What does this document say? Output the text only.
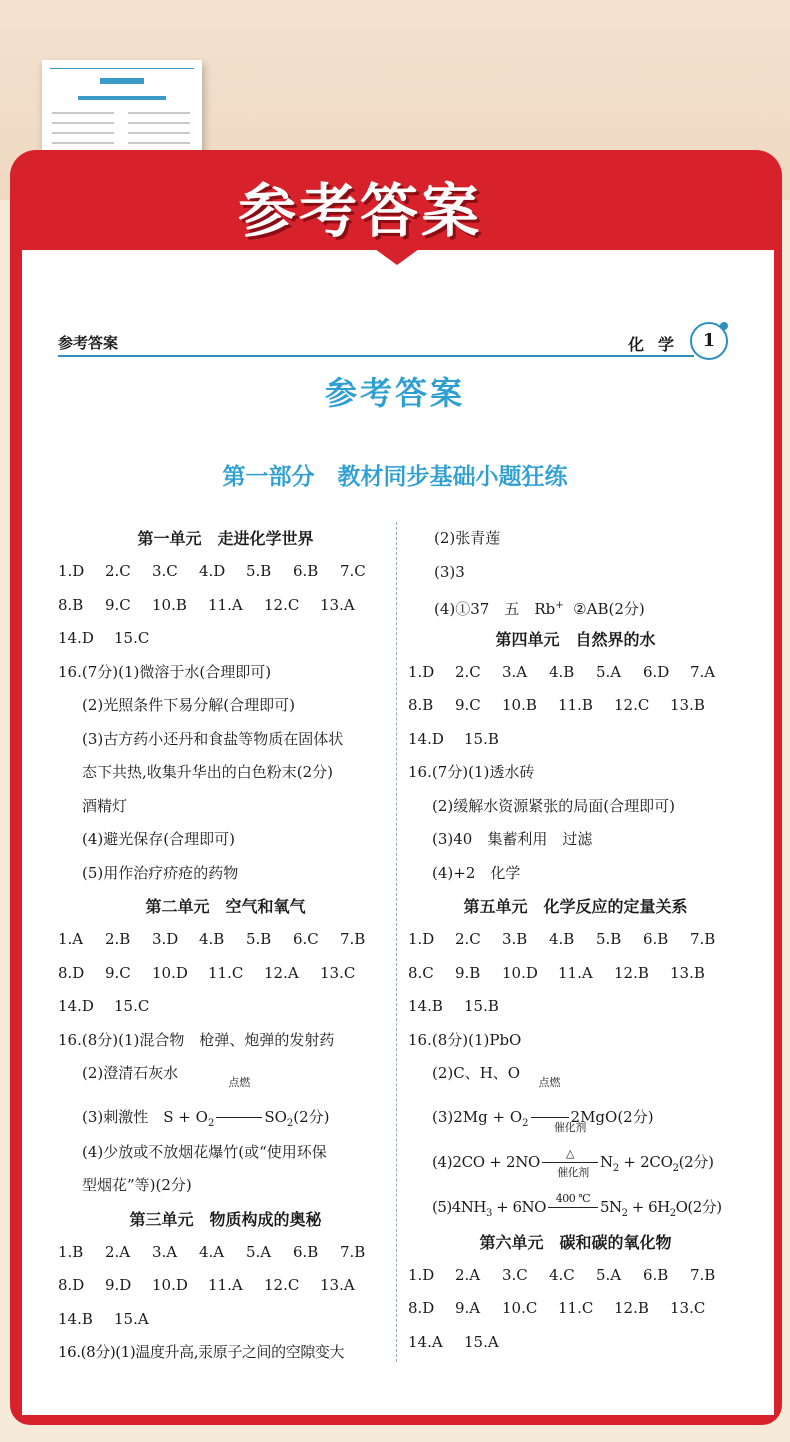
参考答案
参考答案	化学 1
参考答案
第一部分　教材同步基础小题狂练
第一单元　走进化学世界
1.D 2.C 3.C 4.D 5.B 6.B 7.C
8.B 9.C 10.B 11.A 12.C 13.A
14.D 15.C
16.(7分)(1)微溶于水(合理即可)
(2)光照条件下易分解(合理即可)
(3)古方药小还丹和食盐等物质在固体状
态下共热,收集升华出的白色粉末(2分)
酒精灯
(4)避光保存(合理即可)
(5)用作治疗疥疮的药物
第二单元　空气和氧气
1.A 2.B 3.D 4.B 5.B 6.C 7.B
8.D 9.C 10.D 11.C 12.A 13.C
14.D 15.C
16.(8分)(1)混合物　枪弹、炮弹的发射药
(2)澄清石灰水
(3)刺激性　$S + O_2$
点燃
$SO_2(2$分)
(4)少放或不放烟花爆竹(或“使用环保
型烟花”等)(2分)
第三单元　物质构成的奥秘
1.B 2.A 3.A 4.A 5.A 6.B 7.B
8.D 9.D 10.D 11.A 12.C 13.A
14.B 15.A
16.(8分)(1)温度升高,汞原子之间的空隙变大
(2)张青莲
(3)3
(4)①37　五　Rb+ ②AB(2分)
第四单元　自然界的水
1.D 2.C 3.A 4.B 5.A 6.D 7.A
8.B 9.C 10.B 11.B 12.C 13.B
14.D 15.B
16.(7分)(1)透水砖
(2)缓解水资源紧张的局面(合理即可)
(3)40　集蓄利用　过滤
(4)+2　化学
第五单元　化学反应的定量关系
1.D 2.C 3.B 4.B 5.B 6.B 7.B
8.C 9.B 10.D 11.A 12.B 13.B
14.B 15.B
16.(8分)(1)PbO
(2)C、H、O
$(3)2Mg + O_2$
点燃
2MgO(2分)
(4)2CO + 2NO
催化剂
△	$N_2 + 2CO_2(2$分)
$(5)4NH_3 + 6NO$
催化剂
400 ℃ $5N_2 + 6H_2O(2$分)
第六单元　碳和碳的氧化物
1.D 2.A 3.C 4.C 5.A 6.B 7.B
8.D 9.A 10.C 11.C 12.B 13.C
14.A 15.A
